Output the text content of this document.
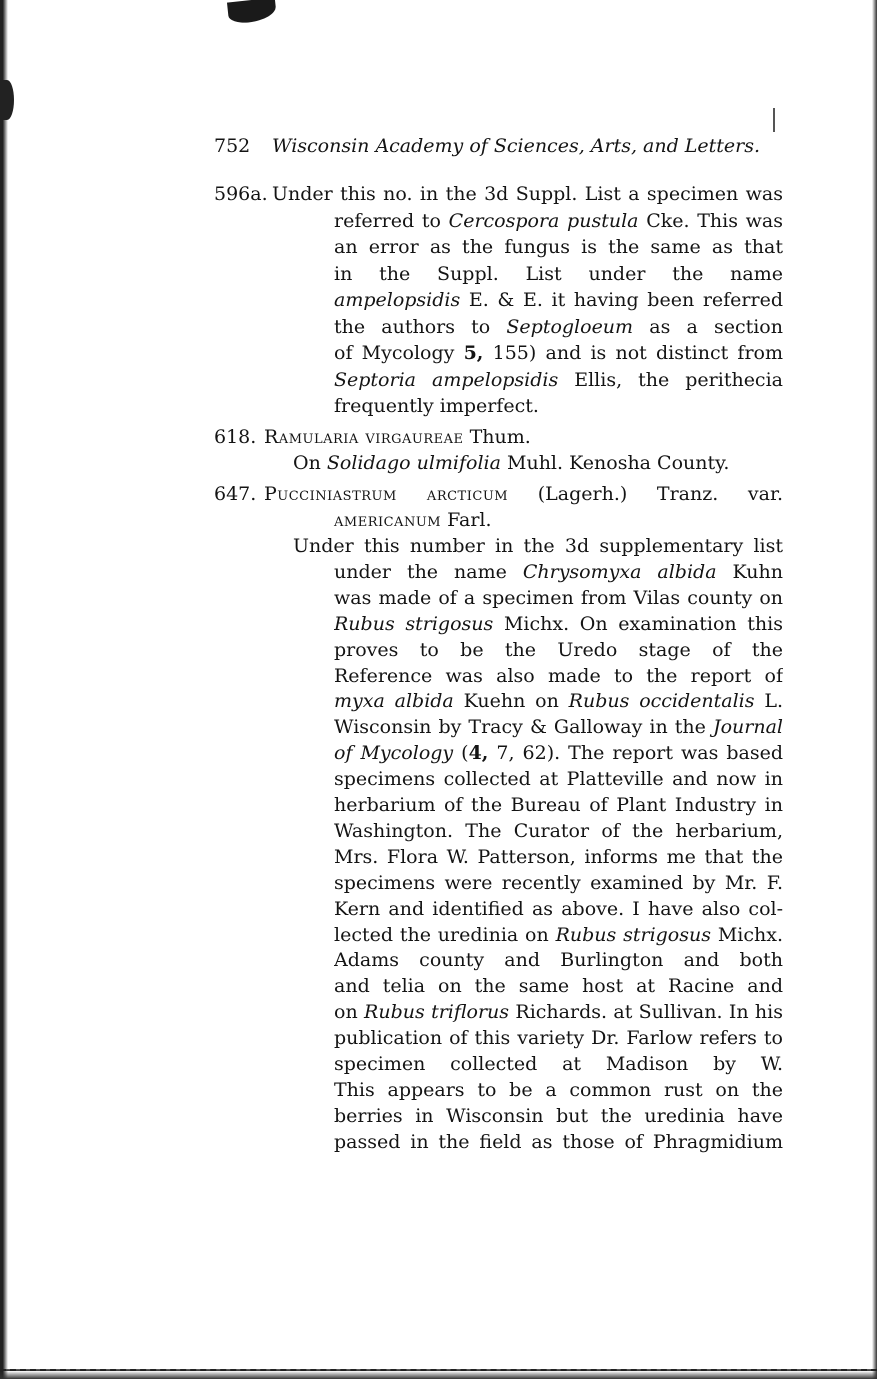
752 Wisconsin Academy of Sciences, Arts, and Letters.
596a. Under this no. in the 3d Suppl. List a specimen was
referred to Cercospora pustula Cke. This was
an error as the fungus is the same as that
in the Suppl. List under the name
ampelopsidis E. & E. it having been referred
the authors to Septogloeum as a section
of Mycology 5, 155) and is not distinct from
Septoria ampelopsidis Ellis, the perithecia
frequently imperfect.
618. Ramularia virgaureae Thum.
On Solidago ulmifolia Muhl. Kenosha County.
647. Pucciniastrum arcticum (Lagerh.) Tranz. var.
americanum Farl.
Under this number in the 3d supplementary list
under the name Chrysomyxa albida Kuhn
was made of a specimen from Vilas county on
Rubus strigosus Michx. On examination this
proves to be the Uredo stage of the
Reference was also made to the report of
myxa albida Kuehn on Rubus occidentalis L.
Wisconsin by Tracy & Galloway in the Journal
of Mycology (4, 7, 62). The report was based
specimens collected at Platteville and now in
herbarium of the Bureau of Plant Industry in
Washington. The Curator of the herbarium,
Mrs. Flora W. Patterson, informs me that the
specimens were recently examined by Mr. F.
Kern and identified as above. I have also col-
lected the uredinia on Rubus strigosus Michx.
Adams county and Burlington and both
and telia on the same host at Racine and
on Rubus triflorus Richards. at Sullivan. In his
publication of this variety Dr. Farlow refers to
specimen collected at Madison by W.
This appears to be a common rust on the
berries in Wisconsin but the uredinia have
passed in the field as those of Phragmidium
